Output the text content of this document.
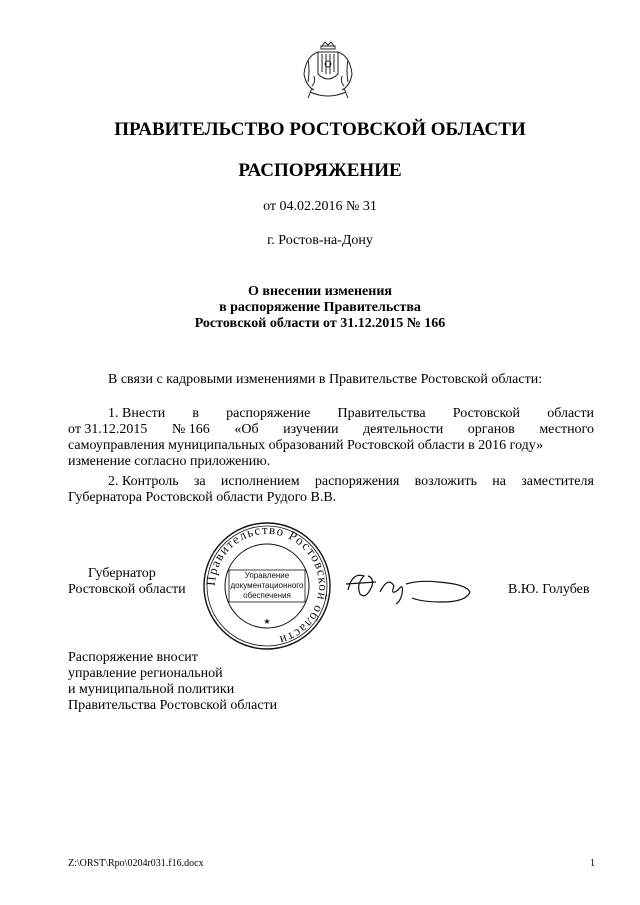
ПРАВИТЕЛЬСТВО РОСТОВСКОЙ ОБЛАСТИ
РАСПОРЯЖЕНИЕ
от 04.02.2016 № 31
г. Ростов-на-Дону
О внесении изменения
в распоряжение Правительства
Ростовской области от 31.12.2015 № 166
В связи с кадровыми изменениями в Правительстве Ростовской области:
1. Внести в распоряжение Правительства Ростовской области
от 31.12.2015 № 166 «Об изучении деятельности органов местного
самоуправления муниципальных образований Ростовской области в 2016 году»
изменение согласно приложению.
2. Контроль за исполнением распоряжения возложить на заместителя
Губернатора Ростовской области Рудого В.В.
Губернатор
Ростовской области
Правительство Ростовской области
Управление
документационного
обеспечения
★
В.Ю. Голубев
Распоряжение вносит
управление региональной
и муниципальной политики
Правительства Ростовской области
Z:\ORST\Rpo\0204r031.f16.docx	1
